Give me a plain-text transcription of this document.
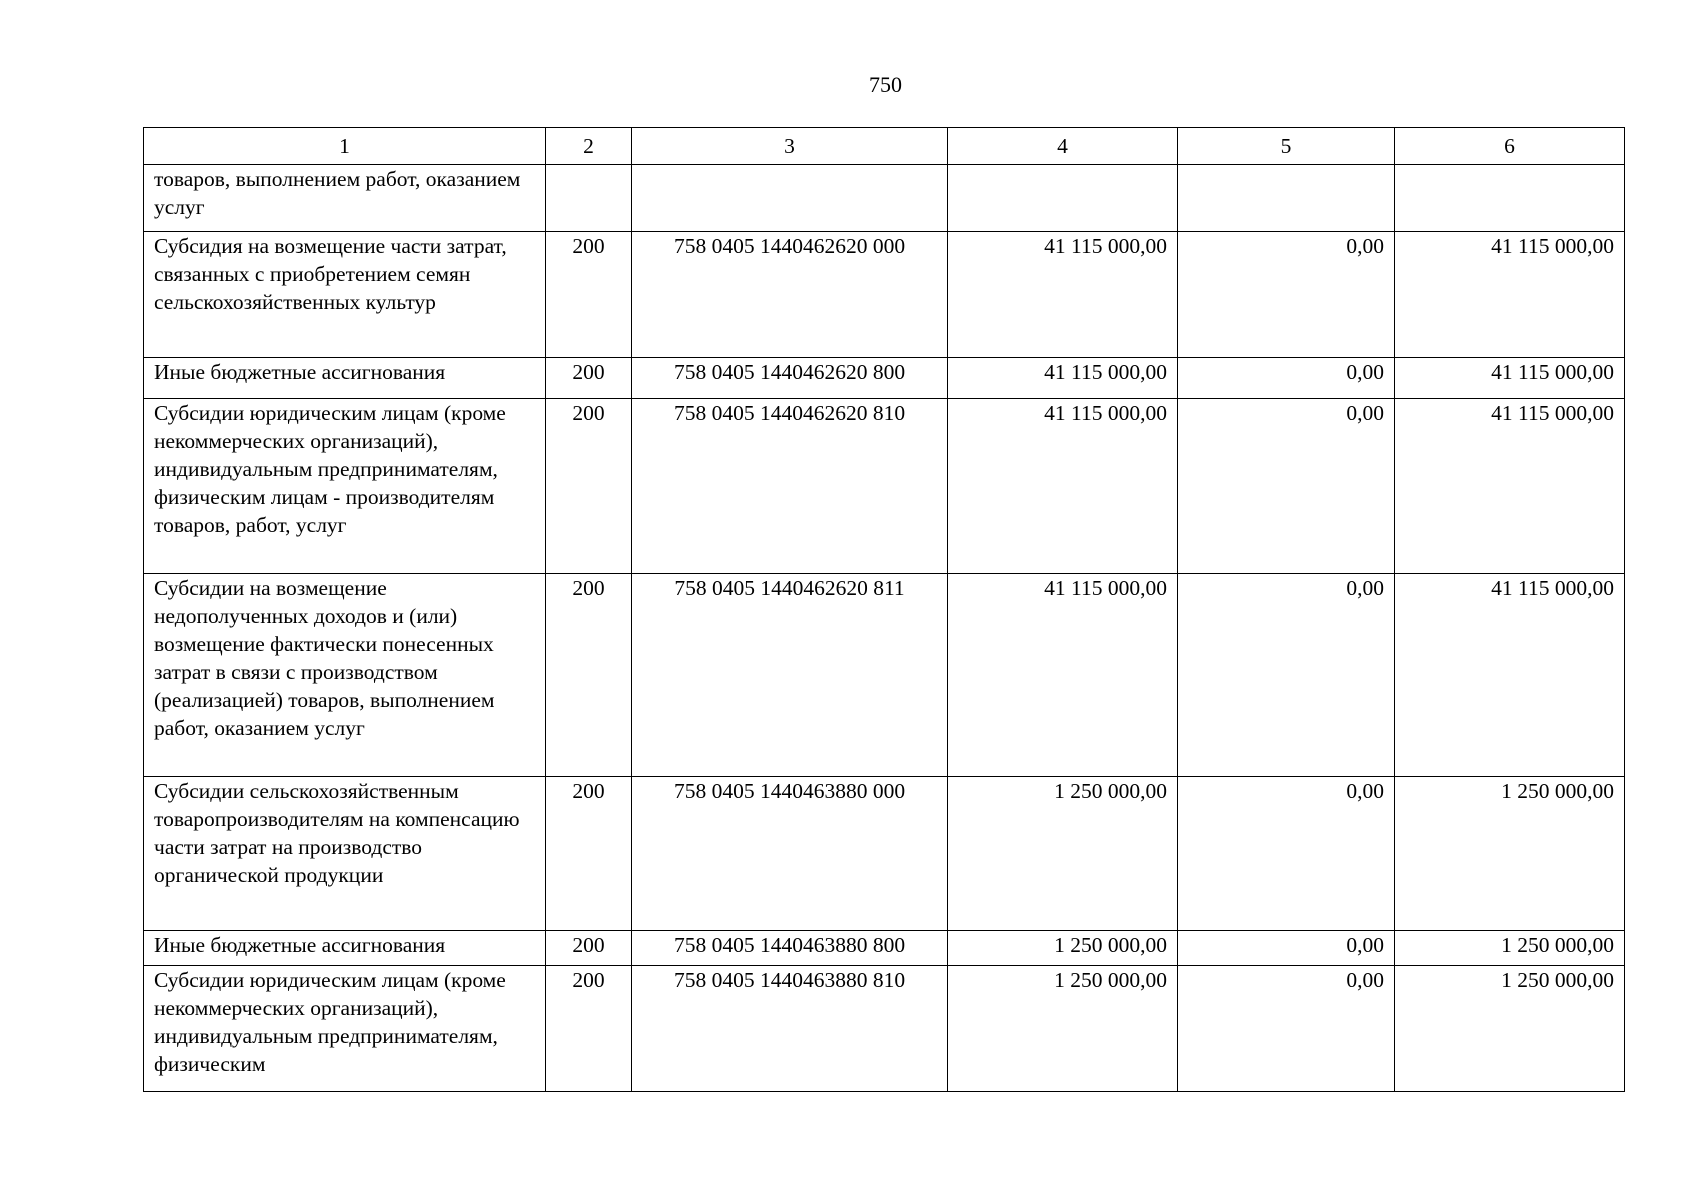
750
1	2	3	4	5	6
товаров, выполнением работ, оказанием услуг					
Субсидия на возмещение части затрат, связанных с приобретением семян сельскохозяйственных культур	200	758 0405 1440462620 000	41 115 000,00	0,00	41 115 000,00
Иные бюджетные ассигнования	200	758 0405 1440462620 800	41 115 000,00	0,00	41 115 000,00
Субсидии юридическим лицам (кроме некоммерческих организаций), индивидуальным предпринимателям, физическим лицам - производителям товаров, работ, услуг	200	758 0405 1440462620 810	41 115 000,00	0,00	41 115 000,00
Субсидии на возмещение недополученных доходов и (или) возмещение фактически понесенных затрат в связи с производством (реализацией) товаров, выполнением работ, оказанием услуг	200	758 0405 1440462620 811	41 115 000,00	0,00	41 115 000,00
Субсидии сельскохозяйственным товаропроизводителям на компенсацию части затрат на производство органической продукции	200	758 0405 1440463880 000	1 250 000,00	0,00	1 250 000,00
Иные бюджетные ассигнования	200	758 0405 1440463880 800	1 250 000,00	0,00	1 250 000,00
Субсидии юридическим лицам (кроме некоммерческих организаций), индивидуальным предпринимателям, физическим	200	758 0405 1440463880 810	1 250 000,00	0,00	1 250 000,00
